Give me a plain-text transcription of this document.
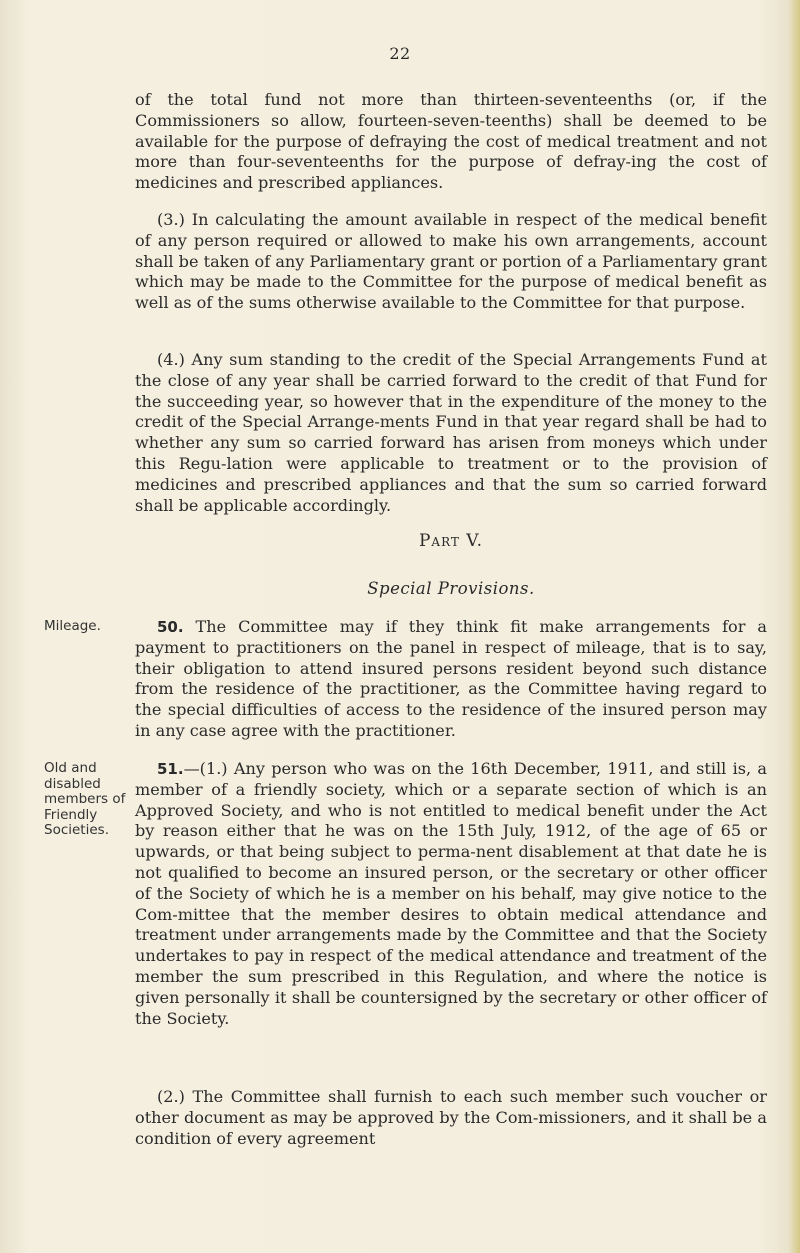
22

of the total fund not more than thirteen-seventeenths (or, if the Commissioners so allow, fourteen-seven-teenths) shall be deemed to be available for the purpose of defraying the cost of medical treatment and not more than four-seventeenths for the purpose of defray-ing the cost of medicines and prescribed appliances.

(3.) In calculating the amount available in respect of the medical benefit of any person required or allowed to make his own arrangements, account shall be taken of any Parliamentary grant or portion of a Parliamentary grant which may be made to the Committee for the purpose of medical benefit as well as of the sums otherwise available to the Committee for that purpose.

(4.) Any sum standing to the credit of the Special Arrangements Fund at the close of any year shall be carried forward to the credit of that Fund for the succeeding year, so however that in the expenditure of the money to the credit of the Special Arrange-ments Fund in that year regard shall be had to whether any sum so carried forward has arisen from moneys which under this Regu-lation were applicable to treatment or to the provision of medicines and prescribed appliances and that the sum so carried forward shall be applicable accordingly.

Part V.
Special Provisions.
Mileage.	50. The Committee may if they think fit make arrangements for a payment to practitioners on the panel in respect of mileage, that is to say, their obligation to attend insured persons resident beyond such distance from the residence of the practitioner, as the Committee having regard to the special difficulties of access to the residence of the insured person may in any case agree with the practitioner.

Old and disabled members of Friendly Societies.

51.—(1.) Any person who was on the 16th December, 1911, and still is, a member of a friendly society, which or a separate section of which is an Approved Society, and who is not entitled to medical benefit under the Act by reason either that he was on the 15th July, 1912, of the age of 65 or upwards, or that being subject to perma-nent disablement at that date he is not qualified to become an insured person, or the secretary or other officer of the Society of which he is a member on his behalf, may give notice to the Com-mittee that the member desires to obtain medical attendance and treatment under arrangements made by the Committee and that the Society undertakes to pay in respect of the medical attendance and treatment of the member the sum prescribed in this Regulation, and where the notice is given personally it shall be countersigned by the secretary or other officer of the Society.

(2.) The Committee shall furnish to each such member such voucher or other document as may be approved by the Com-missioners, and it shall be a condition of every agreement
